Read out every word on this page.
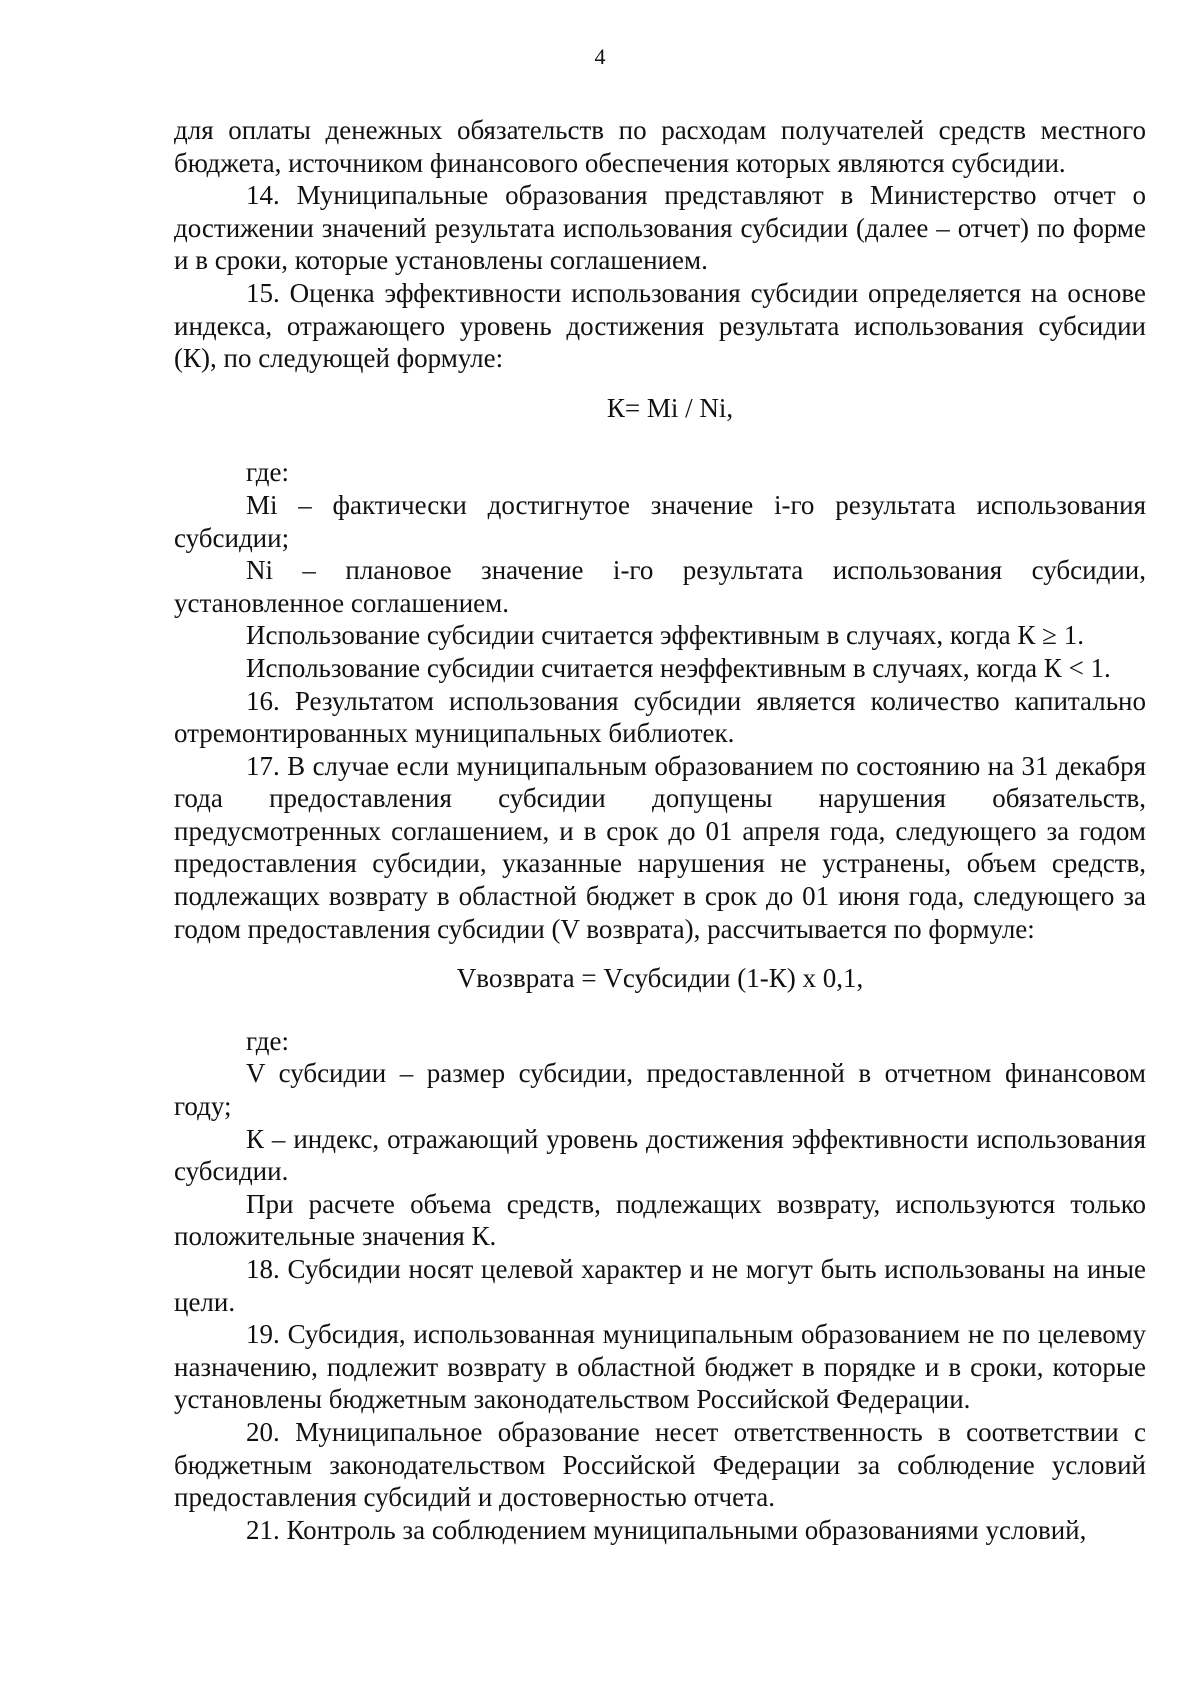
4

для оплаты денежных обязательств по расходам получателей средств местного бюджета, источником финансового обеспечения которых являются субсидии.

14. Муниципальные образования представляют в Министерство отчет о достижении значений результата использования субсидии (далее – отчет) по форме и в сроки, которые установлены соглашением.

15. Оценка эффективности использования субсидии определяется на основе индекса, отражающего уровень достижения результата использования субсидии (К), по следующей формуле:

К= Mi / Ni,

где:

Mi – фактически достигнутое значение i-го результата использования субсидии;

Ni – плановое значение i-го результата использования субсидии, установленное соглашением.

Использование субсидии считается эффективным в случаях, когда К ≥ 1.

Использование субсидии считается неэффективным в случаях, когда К < 1.

16. Результатом использования субсидии является количество капитально отремонтированных муниципальных библиотек.

17. В случае если муниципальным образованием по состоянию на 31 декабря года предоставления субсидии допущены нарушения обязательств, предусмотренных соглашением, и в срок до 01 апреля года, следующего за годом предоставления субсидии, указанные нарушения не устранены, объем средств, подлежащих возврату в областной бюджет в срок до 01 июня года, следующего за годом предоставления субсидии (V возврата), рассчитывается по формуле:

Vвозврата = Vсубсидии (1-К) х 0,1,

где:

V субсидии – размер субсидии, предоставленной в отчетном финансовом году;

К – индекс, отражающий уровень достижения эффективности использования субсидии.

При расчете объема средств, подлежащих возврату, используются только положительные значения К.

18. Субсидии носят целевой характер и не могут быть использованы на иные цели.

19. Субсидия, использованная муниципальным образованием не по целевому назначению, подлежит возврату в областной бюджет в порядке и в сроки, которые установлены бюджетным законодательством Российской Федерации.

20. Муниципальное образование несет ответственность в соответствии с бюджетным законодательством Российской Федерации за соблюдение условий предоставления субсидий и достоверностью отчета.

21. Контроль за соблюдением муниципальными образованиями условий,
